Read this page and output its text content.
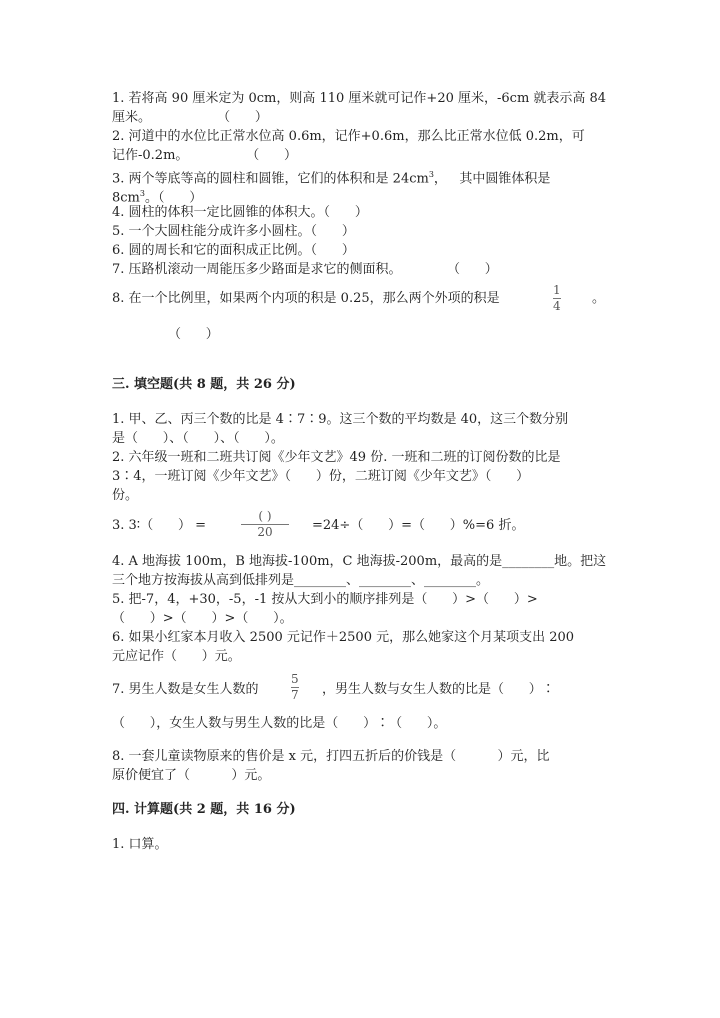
1. 若将高 90 厘米定为 0cm，则高 110 厘米就可记作+20 厘米，-6cm 就表示高 84
厘米。                （      ）
2. 河道中的水位比正常水位高 0.6m，记作+0.6m，那么比正常水位低 0.2m，可
记作-0.2m。              （      ）
3. 两个等底等高的圆柱和圆锥，它们的体积和是 $24cm^3$，   其中圆锥体积是
$8cm^3$。（      ）
4. 圆柱的体积一定比圆锥的体积大。（      ）
5. 一个大圆柱能分成许多小圆柱。（      ）
6. 圆的周长和它的面积成正比例。（      ）
7. 压路机滚动一周能压多少路面是求它的侧面积。           （      ）
8. 在一个比例里，如果两个内项的积是 0.25，那么两个外项的积是
1
4 。
（      ）
三. 填空题(共 8 题，共 26 分)
1. 甲、乙、丙三个数的比是 4∶7∶9。这三个数的平均数是 40，这三个数分别
是（      ）、（      ）、（      ）。
2. 六年级一班和二班共订阅《少年文艺》49 份. 一班和二班的订阅份数的比是
3∶4，一班订阅《少年文艺》（      ）份，二班订阅《少年文艺》（      ）
份。
3. 3∶（      ） =
( )
20	=24÷（      ）=（      ）%=6 折。
4. A 地海拔 100m，B 地海拔-100m，C 地海拔-200m，最高的是________地。把这
三个地方按海拔从高到低排列是________、________、________。
5. 把-7，4，+30，-5，-1 按从大到小的顺序排列是（      ）>（      ）>
（      ）>（      ）>（      ）。
6. 如果小红家本月收入 2500 元记作＋2500 元，那么她家这个月某项支出 200
元应记作（      ）元。
7. 男生人数是女生人数的
5
7 ，男生人数与女生人数的比是（      ）∶
（      ），女生人数与男生人数的比是（      ）∶（      ）。
8. 一套儿童读物原来的售价是 x 元，打四五折后的价钱是（          ）元，比
原价便宜了（          ）元。
四. 计算题(共 2 题，共 16 分)
1. 口算。
